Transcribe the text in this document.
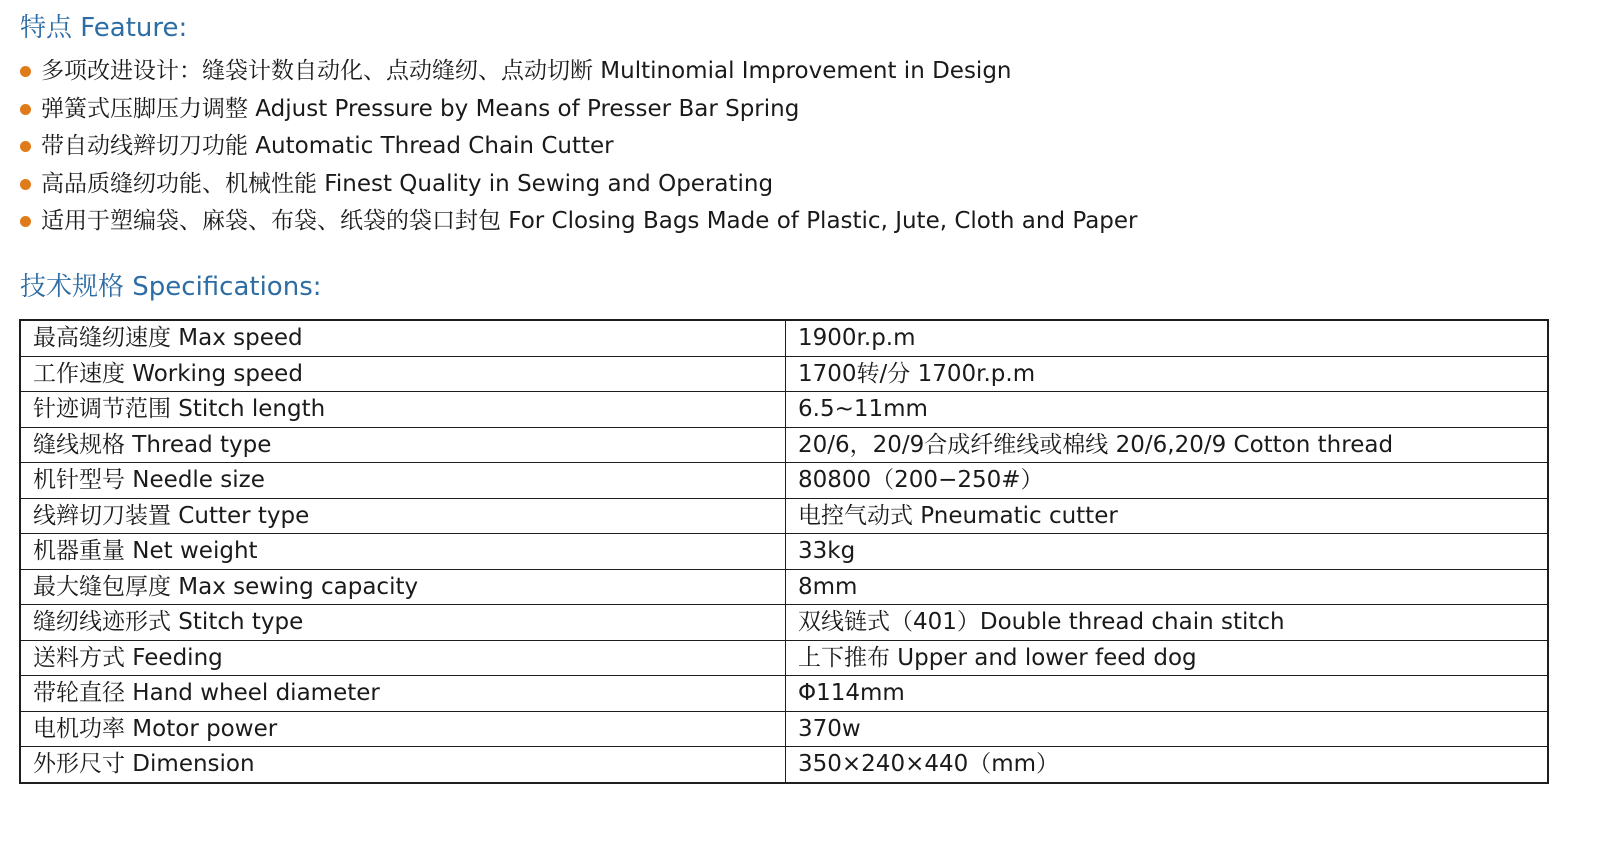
特点 Feature:
多项改进设计：缝袋计数自动化、点动缝纫、点动切断 Multinomial Improvement in Design
弹簧式压脚压力调整 Adjust Pressure by Means of Presser Bar Spring
带自动线辫切刀功能 Automatic Thread Chain Cutter
高品质缝纫功能、机械性能 Finest Quality in Sewing and Operating
适用于塑编袋、麻袋、布袋、纸袋的袋口封包 For Closing Bags Made of Plastic, Jute, Cloth and Paper
技术规格 Specifications:
最高缝纫速度 Max speed	1900r.p.m
工作速度 Working speed	1700转/分 1700r.p.m
针迹调节范围 Stitch length	6.5~11mm
缝线规格 Thread type	20/6，20/9合成纤维线或棉线 20/6,20/9 Cotton thread
机针型号 Needle size	80800（200−250#）
线辫切刀装置 Cutter type	电控气动式 Pneumatic cutter
机器重量 Net weight	33kg
最大缝包厚度 Max sewing capacity	8mm
缝纫线迹形式 Stitch type	双线链式（401）Double thread chain stitch
送料方式 Feeding	上下推布 Upper and lower feed dog
带轮直径 Hand wheel diameter	Φ114mm
电机功率 Motor power	370w
外形尺寸 Dimension	350×240×440（mm）
